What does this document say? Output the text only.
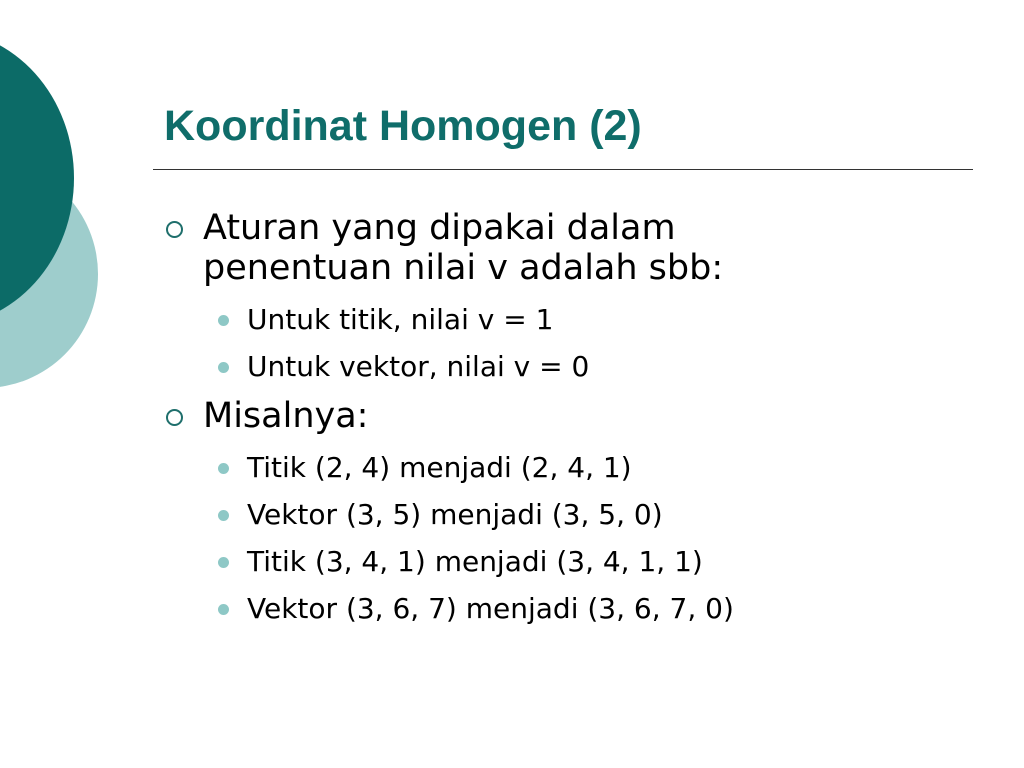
Koordinat Homogen (2)
Aturan yang dipakai dalam
penentuan nilai v adalah sbb:
Untuk titik, nilai v = 1
Untuk vektor, nilai v = 0
Misalnya:
Titik (2, 4) menjadi (2, 4, 1)
Vektor (3, 5) menjadi (3, 5, 0)
Titik (3, 4, 1) menjadi (3, 4, 1, 1)
Vektor (3, 6, 7) menjadi (3, 6, 7, 0)
